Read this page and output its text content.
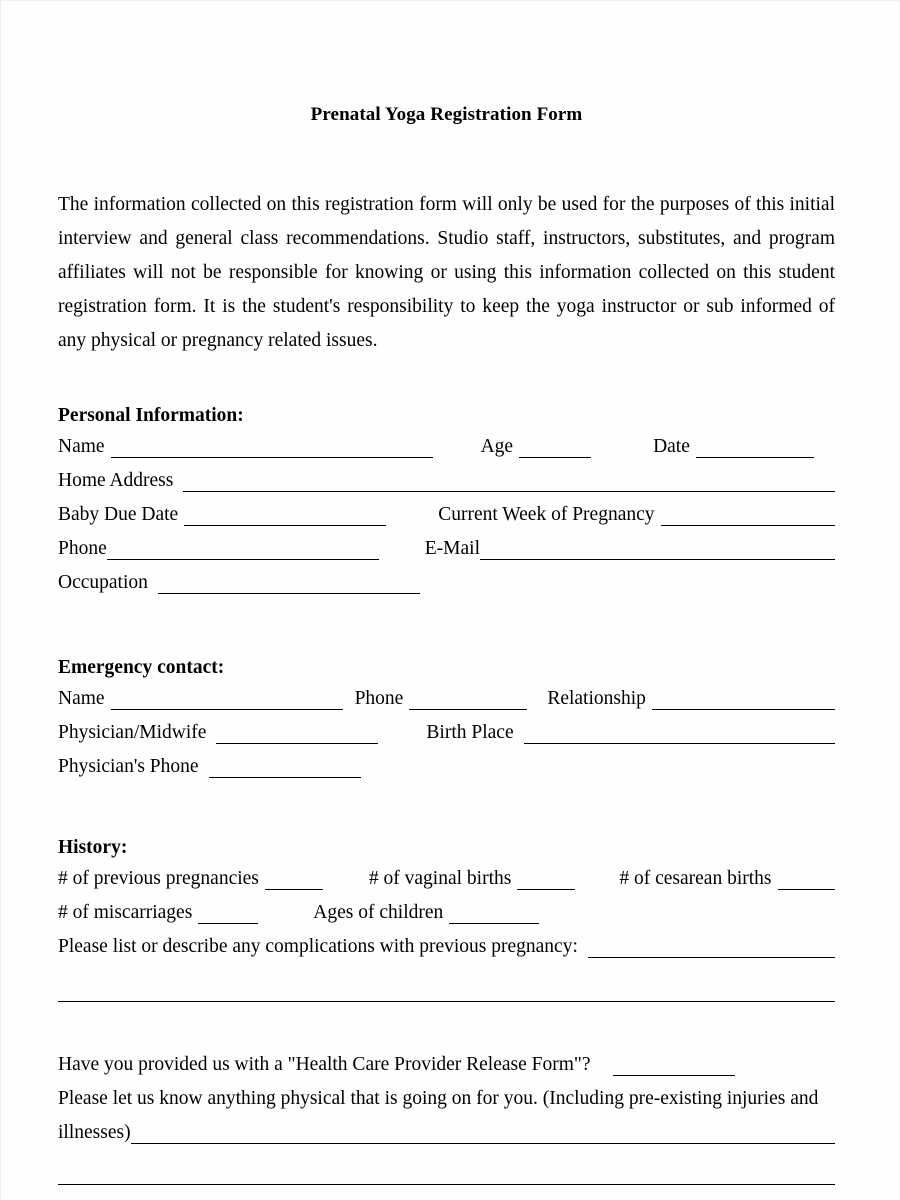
Prenatal Yoga Registration Form
The information collected on this registration form will only be used for the purposes of this initial interview and general class recommendations. Studio staff, instructors, substitutes, and program affiliates will not be responsible for knowing or using this information collected on this student registration form. It is the student's responsibility to keep the yoga instructor or sub informed of any physical or pregnancy related issues.
Personal Information:
Name	Age	Date
Home Address
Baby Due Date	Current Week of Pregnancy
Phone	E-Mail
Occupation
Emergency contact:
Name	Phone	Relationship
Physician/Midwife	Birth Place
Physician's Phone
History:
# of previous pregnancies	# of vaginal births	# of cesarean births
# of miscarriages	Ages of children
Please list or describe any complications with previous pregnancy:
Have you provided us with a "Health Care Provider Release Form"?
Please let us know anything physical that is going on for you. (Including pre-existing injuries and
illnesses)
